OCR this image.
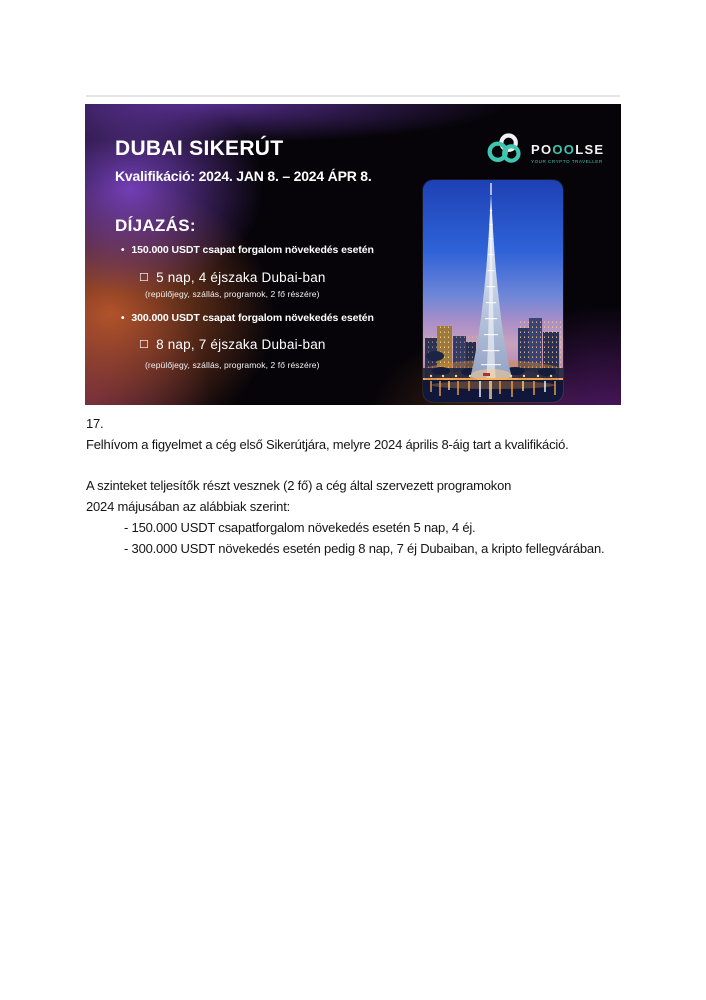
DUBAI SIKERÚT
Kvalifikáció: 2024. JAN 8. – 2024 ÁPR 8.
DÍJAZÁS:
• 150.000 USDT csapat forgalom növekedés esetén
☐ 5 nap, 4 éjszaka Dubai-ban
(repülőjegy, szállás, programok, 2 fő részére)
• 300.000 USDT csapat forgalom növekedés esetén
☐ 8 nap, 7 éjszaka Dubai-ban
(repülőjegy, szállás, programok, 2 fő részére)
POOOLSE
YOUR CRYPTO TRAVELLER

17.

Felhívom a figyelmet a cég első Sikerútjára, melyre 2024 április 8-áig tart a kvalifikáció.

A szinteket teljesítők részt vesznek (2 fő) a cég által szervezett programokon

2024 májusában az alábbiak szerint:

- 150.000 USDT csapatforgalom növekedés esetén 5 nap, 4 éj.

- 300.000 USDT növekedés esetén pedig 8 nap, 7 éj Dubaiban, a kripto fellegvárában.
